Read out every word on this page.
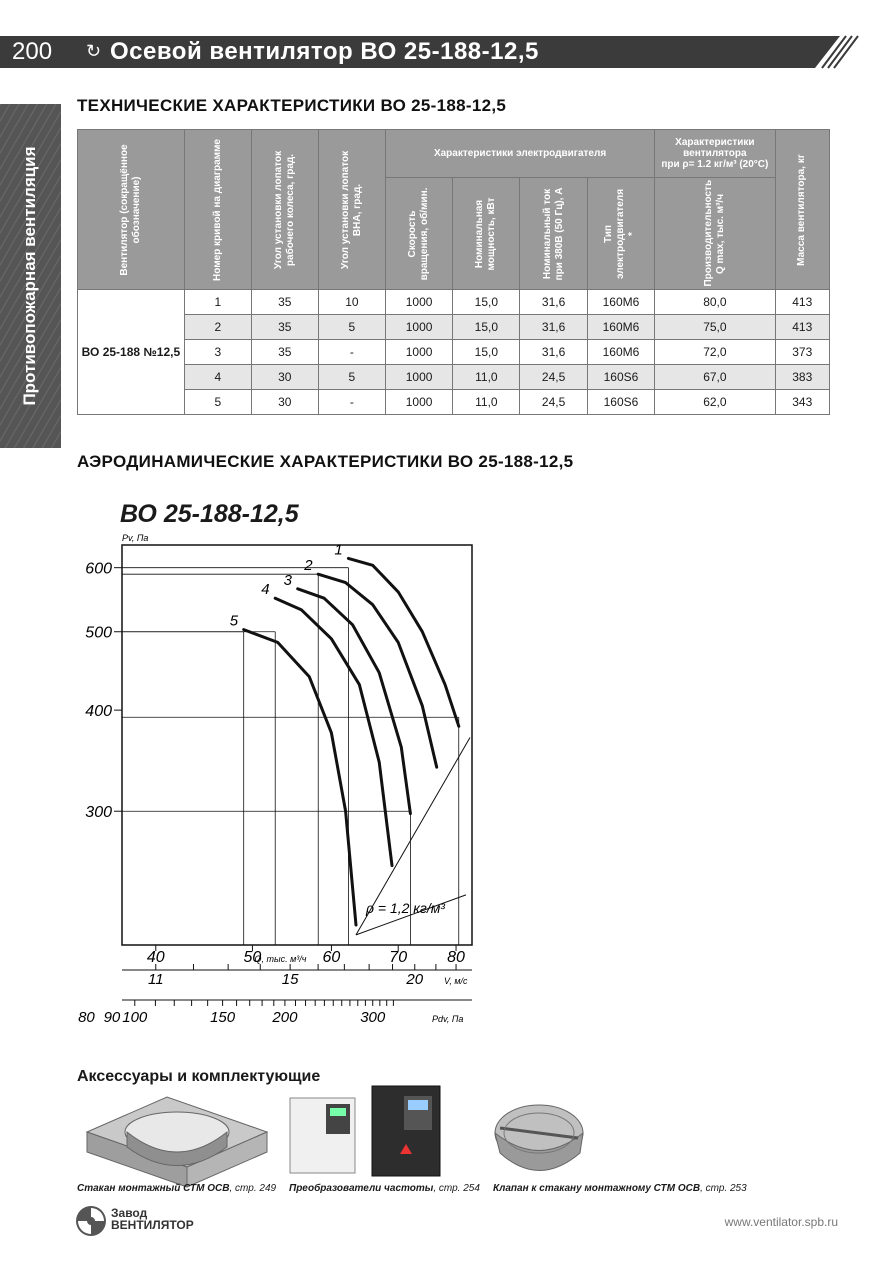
200 ↻ Осевой вентилятор ВО 25-188-12,5
Противопожарная вентиляция
ТЕХНИЧЕСКИЕ ХАРАКТЕРИСТИКИ ВО 25-188-12,5
Вентилятор (сокращённое обозначение)	Номер кривой на диаграмме	Угол установки лопаток рабочего колеса, град.	Угол установки лопаток ВНА, град.	Характеристики электродвигателя				Характеристики
вентилятора
при ρ= 1.2 кг/м³ (20°С)	Масса вентилятора, кг

				Скорость вращения, об/мин.	Номинальная мощность, кВт	Номинальный ток при 380В (50 Гц), А	Тип электродвигателя *	Производительность Q max, тыс. м³/ч	

ВО 25-188 №12,5	1	35	10	1000	15,0	31,6	160M6	80,0	413
	2	35	5	1000	15,0	31,6	160M6	75,0	413
	3	35	-	1000	15,0	31,6	160M6	72,0	373
	4	30	5	1000	11,0	24,5	160S6	67,0	383
	5	30	-	1000	11,0	24,5	160S6	62,0	343
АЭРОДИНАМИЧЕСКИЕ ХАРАКТЕРИСТИКИ ВО 25-188-12,5
ВО 25-188-12,5
Pv, Па
600
500
400
300
1
2
3
4
5
ρ = 1,2 кг/м³
40	50	60	70	80
Q, тыс. м³/ч
11	15	20 V, м/с
80 90 100	150 200	300	Pdv, Па
Аксессуары и комплектующие
Стакан монтажный СТМ ОСВ, стр. 249 Преобразователи частоты, стр. 254 Клапан к стакану монтажному СТМ ОСВ, стр. 253
Завод
ВЕНТИЛЯТОР	www.ventilator.spb.ru
